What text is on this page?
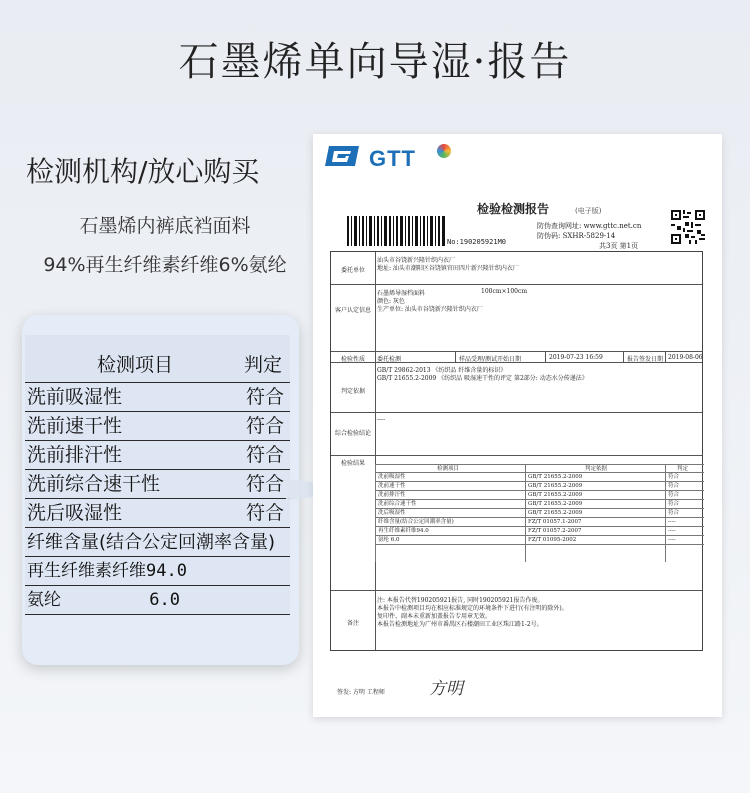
石墨烯单向导湿·报告
检测机构/放心购买
石墨烯内裤底裆面料
94%再生纤维素纤维6%氨纶
检测项目	判定
洗前吸湿性	符合
洗前速干性	符合
洗前排汗性	符合
洗前综合速干性	符合
洗后吸湿性	符合
纤维含量(结合公定回潮率含量)
再生纤维素纤维94.0
氨纶	6.0
GTT
检验检测报告	(电子版)
防伪查询网址: www.gttc.net.cn
防伪码: SXHR-5829-14
共3页 第1页
No:190205921M0
委托单位
汕头市谷饶新兴隆针织内衣厂
地址: 汕头市潮阳区谷饶镇官田四片新兴隆针织内衣厂
客户认定信息
石墨烯导湿档面料	100cm×100cm
颜色: 灰色
生产单位: 汕头市谷饶新兴隆针织内衣厂
检验性质	委托检测	样品受理/测试开始日期	2019-07-23 16:59	报告签发日期 2019-08-06
判定依据
GB/T 29862-2013 《纺织品 纤维含量的标识》
GB/T 21655.2-2009 《纺织品 吸湿速干性的评定 第2部分: 动态水分传递法》
综合检验结论
----
检验结果
检测项目	判定依据	判定
洗前吸湿性	GB/T 21655.2-2009	符合
洗前速干性	GB/T 21655.2-2009	符合
洗前排汗性	GB/T 21655.2-2009	符合
洗前综合速干性	GB/T 21655.2-2009	符合
洗后吸湿性	GB/T 21655.2-2009	符合
纤维含量(结合公定回潮率含量)	FZ/T 01057.1-2007	----
再生纤维素纤维94.0	FZ/T 01057.2-2007	----
氨纶 6.0	FZ/T 01095-2002	----
备注
注: 本报告代替190205921报告, 同时190205921报告作废。
本报告中检测项目均在相应标准规定的环境条件下进行(有注明的除外)。
复印件、副本未重新加盖报告专用章无效。
本报告检测地址为广州市番禺区石楼潮田工业区珠江路1-2号。
签发: 方明 工程师	方明
